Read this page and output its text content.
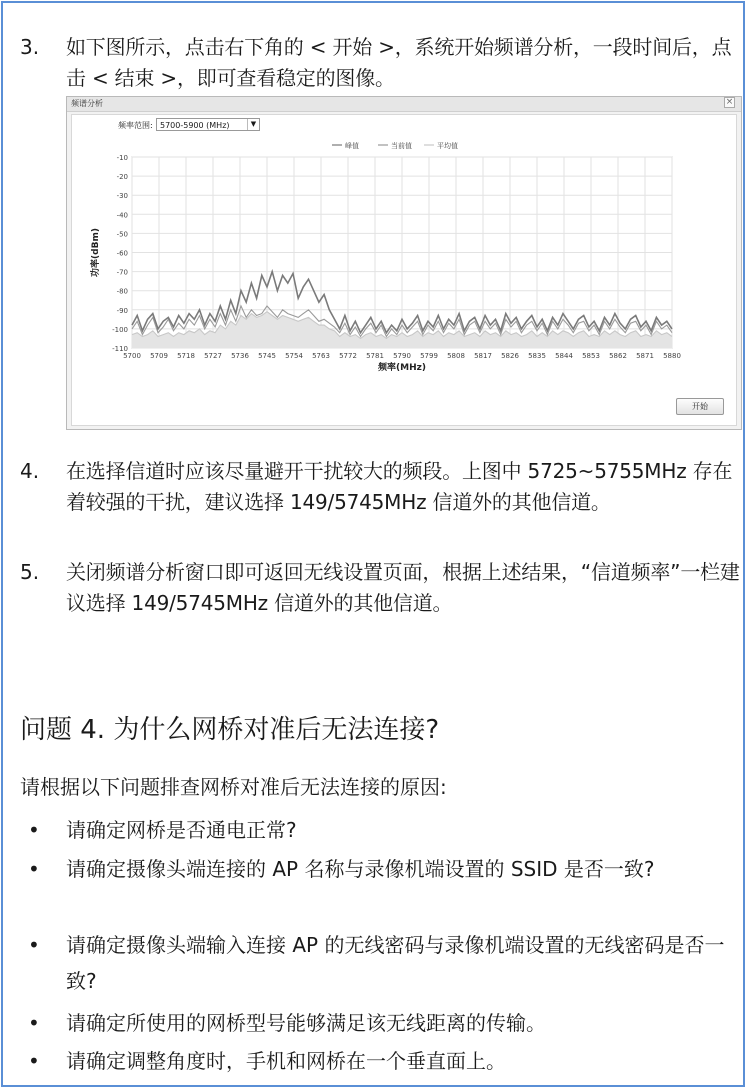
3. 如下图所示，点击右下角的 < 开始 >，系统开始频谱分析，一段时间后，点击 < 结束 >，即可查看稳定的图像。
频谱分析	×
频率范围: 5700-5900 (MHz)	▼
-10
-20
-30
-40
-50
-60
-70
-80
-90
-100
-110
5700 5709 5718 5727 5736 5745 5754 5763 5772 5781 5790 5799 5808 5817 5826 5835 5844 5853 5862 5871 5880
频率(MHz)
功率(dBm)
峰值	当前值	平均值
开始
4. 在选择信道时应该尽量避开干扰较大的频段。上图中 5725~5755MHz 存在着较强的干扰，建议选择 149/5745MHz 信道外的其他信道。
5. 关闭频谱分析窗口即可返回无线设置页面，根据上述结果，“信道频率”一栏建议选择 149/5745MHz 信道外的其他信道。
问题 4. 为什么网桥对准后无法连接?
请根据以下问题排查网桥对准后无法连接的原因:
• 请确定网桥是否通电正常?
• 请确定摄像头端连接的 AP 名称与录像机端设置的 SSID 是否一致?
• 请确定摄像头端输入连接 AP 的无线密码与录像机端设置的无线密码是否一致?
• 请确定所使用的网桥型号能够满足该无线距离的传输。
• 请确定调整角度时，手机和网桥在一个垂直面上。
